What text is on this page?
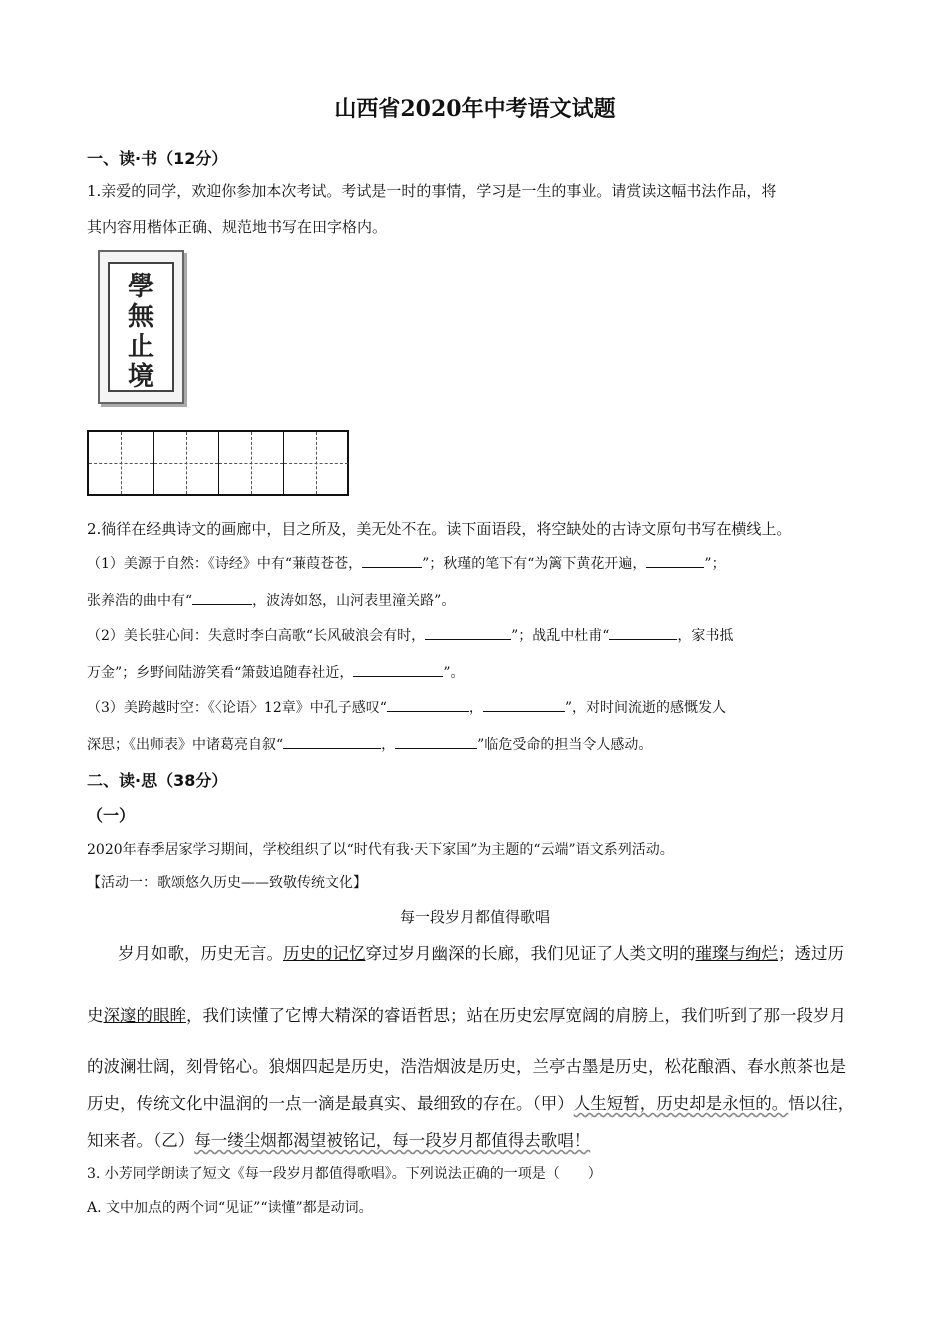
山西省2020年中考语文试题
一、读·书（12分）
1.亲爱的同学，欢迎你参加本次考试。考试是一时的事情，学习是一生的事业。请赏读这幅书法作品，将
其内容用楷体正确、规范地书写在田字格内。
學
無
止
境
2.徜徉在经典诗文的画廊中，目之所及，美无处不在。读下面语段，将空缺处的古诗文原句书写在横线上。
（1）美源于自然：《诗经》中有“蒹葭苍苍，	”；秋瑾的笔下有“为篱下黄花开遍，	”；
张养浩的曲中有“	，波涛如怒，山河表里潼关路”。
（2）美长驻心间：失意时李白高歌“长风破浪会有时，	”；战乱中杜甫“	，家书抵
万金”；乡野间陆游笑看“箫鼓追随春社近，	”。
（3）美跨越时空：《〈论语〉12章》中孔子感叹“	，	”，对时间流逝的感慨发人
深思；《出师表》中诸葛亮自叙“	，	”临危受命的担当令人感动。
二、读·思（38分）
（一）
2020年春季居家学习期间，学校组织了以“时代有我·天下家国”为主题的“云端”语文系列活动。
【活动一：歌颂悠久历史——致敬传统文化】
每一段岁月都值得歌唱
岁月如歌，历史无言。历史的记忆穿过岁月幽深的长廊，我们见证了人类文明的璀璨与绚烂；透过历
史深邃的眼眸，我们读懂了它博大精深的睿语哲思；站在历史宏厚宽阔的肩膀上，我们听到了那一段岁月
的波澜壮阔，刻骨铭心。狼烟四起是历史，浩浩烟波是历史，兰亭古墨是历史，松花酿酒、春水煎茶也是
历史，传统文化中温润的一点一滴是最真实、最细致的存在。（甲）人生短暂，历史却是永恒的。悟以往，
知来者。（乙）每一缕尘烟都渴望被铭记，每一段岁月都值得去歌唱！
3. 小芳同学朗读了短文《每一段岁月都值得歌唱》。下列说法正确的一项是（　　）
A. 文中加点的两个词“见证”“读懂”都是动词。
